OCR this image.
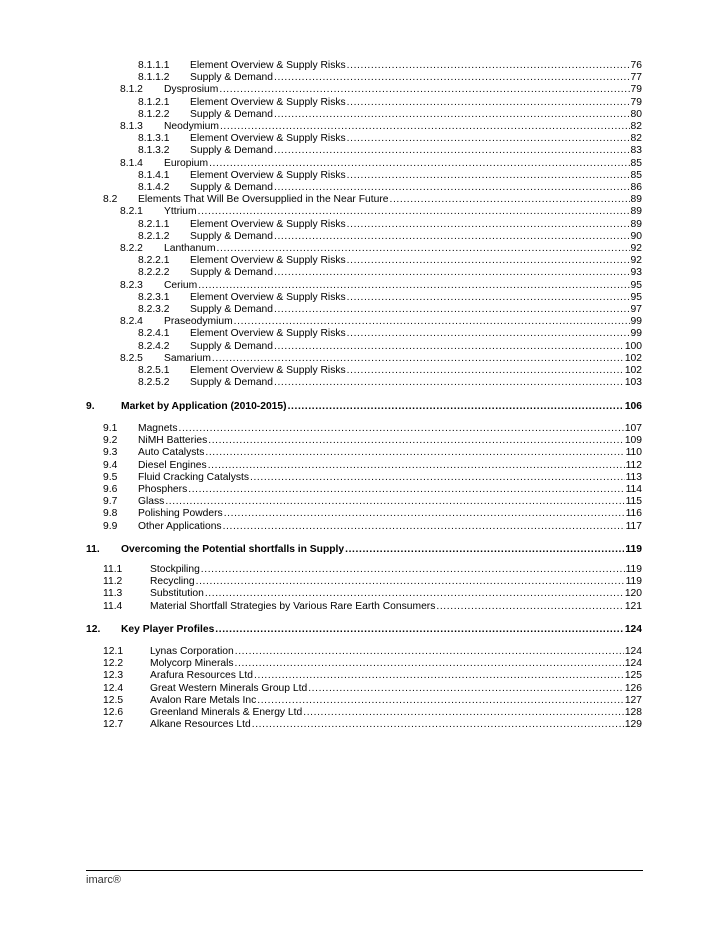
8.1.1.1	Element Overview & Supply Risks .....	76
8.1.1.2	Supply & Demand .....	77
8.1.2	Dysprosium .....	79
8.1.2.1	Element Overview & Supply Risks .....	79
8.1.2.2	Supply & Demand .....	80
8.1.3	Neodymium .....	82
8.1.3.1	Element Overview & Supply Risks .....	82
8.1.3.2	Supply & Demand .....	83
8.1.4	Europium .....	85
8.1.4.1	Element Overview & Supply Risks .....	85
8.1.4.2	Supply & Demand .....	86
8.2	Elements That Will Be Oversupplied in the Near Future .....	89
8.2.1	Yttrium .....	89
8.2.1.1	Element Overview & Supply Risks .....	89
8.2.1.2	Supply & Demand .....	90
8.2.2	Lanthanum .....	92
8.2.2.1	Element Overview & Supply Risks .....	92
8.2.2.2	Supply & Demand .....	93
8.2.3	Cerium .....	95
8.2.3.1	Element Overview & Supply Risks .....	95
8.2.3.2	Supply & Demand .....	97
8.2.4	Praseodymium .....	99
8.2.4.1	Element Overview & Supply Risks .....	99
8.2.4.2	Supply & Demand .....	100
8.2.5	Samarium .....	102
8.2.5.1	Element Overview & Supply Risks .....	102
8.2.5.2	Supply & Demand .....	103
9.	Market by Application (2010-2015) .....	106
9.1	Magnets .....	107
9.2	NiMH Batteries .....	109
9.3	Auto Catalysts .....	110
9.4	Diesel Engines .....	112
9.5	Fluid Cracking Catalysts .....	113
9.6	Phosphers .....	114
9.7	Glass .....	115
9.8	Polishing Powders .....	116
9.9	Other Applications .....	117
11.	Overcoming the Potential shortfalls in Supply .....	119
11.1	Stockpiling .....	119
11.2	Recycling .....	119
11.3	Substitution .....	120
11.4	Material Shortfall Strategies by Various Rare Earth Consumers .....	121
12.	Key Player Profiles .....	124
12.1	Lynas Corporation .....	124
12.2	Molycorp Minerals .....	124
12.3	Arafura Resources Ltd .....	125
12.4	Great Western Minerals Group Ltd .....	126
12.5	Avalon Rare Metals Inc .....	127
12.6	Greenland Minerals & Energy Ltd .....	128
12.7	Alkane Resources Ltd .....	129
imarc®
